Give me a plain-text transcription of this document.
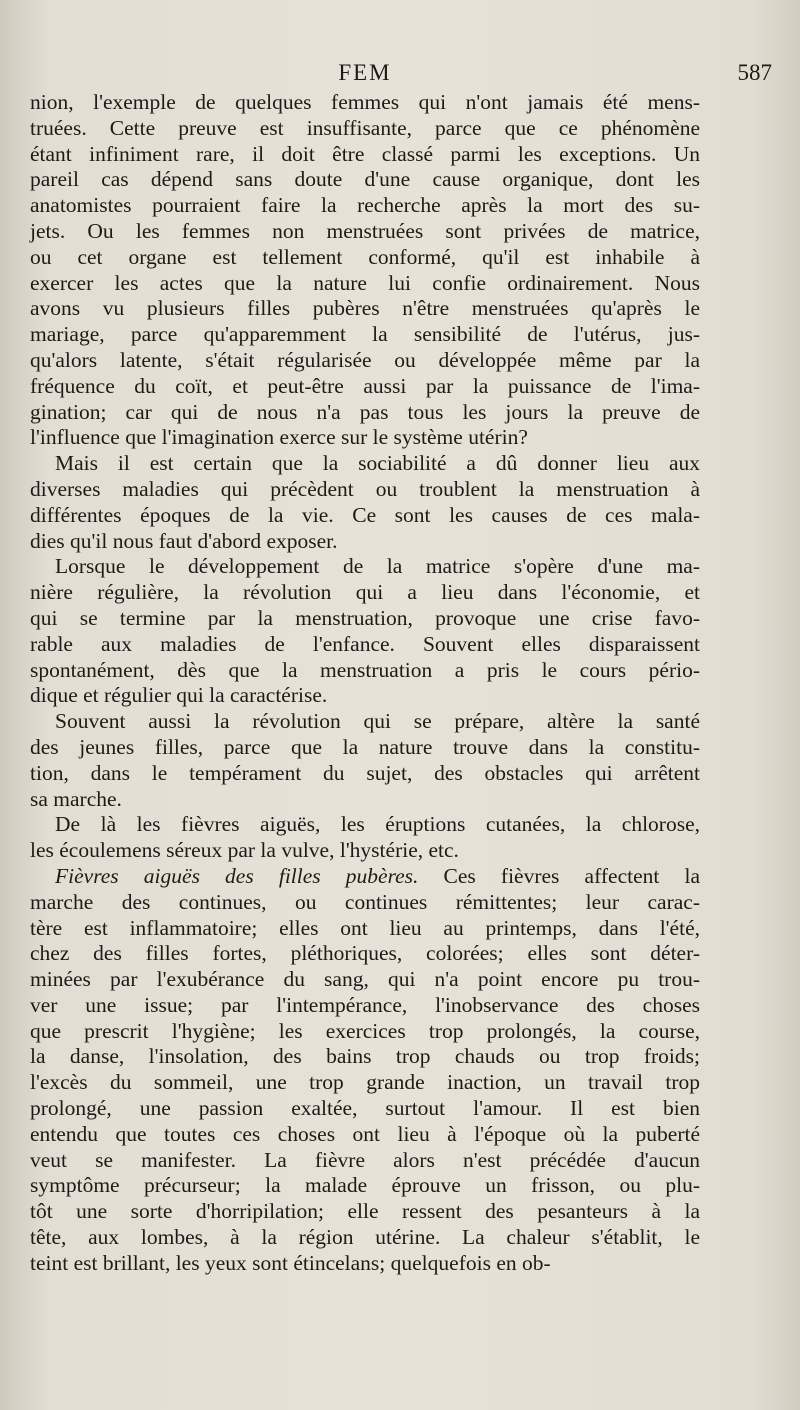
FEM	587
nion, l'exemple de quelques femmes qui n'ont jamais été mens-
truées. Cette preuve est insuffisante, parce que ce phénomène
étant infiniment rare, il doit être classé parmi les exceptions. Un
pareil cas dépend sans doute d'une cause organique, dont les
anatomistes pourraient faire la recherche après la mort des su-
jets. Ou les femmes non menstruées sont privées de matrice,
ou cet organe est tellement conformé, qu'il est inhabile à
exercer les actes que la nature lui confie ordinairement. Nous
avons vu plusieurs filles pubères n'être menstruées qu'après le
mariage, parce qu'apparemment la sensibilité de l'utérus, jus-
qu'alors latente, s'était régularisée ou développée même par la
fréquence du coït, et peut-être aussi par la puissance de l'ima-
gination; car qui de nous n'a pas tous les jours la preuve de
l'influence que l'imagination exerce sur le système utérin?
Mais il est certain que la sociabilité a dû donner lieu aux
diverses maladies qui précèdent ou troublent la menstruation à
différentes époques de la vie. Ce sont les causes de ces mala-
dies qu'il nous faut d'abord exposer.
Lorsque le développement de la matrice s'opère d'une ma-
nière régulière, la révolution qui a lieu dans l'économie, et
qui se termine par la menstruation, provoque une crise favo-
rable aux maladies de l'enfance. Souvent elles disparaissent
spontanément, dès que la menstruation a pris le cours pério-
dique et régulier qui la caractérise.
Souvent aussi la révolution qui se prépare, altère la santé
des jeunes filles, parce que la nature trouve dans la constitu-
tion, dans le tempérament du sujet, des obstacles qui arrêtent
sa marche.
De là les fièvres aiguës, les éruptions cutanées, la chlorose,
les écoulemens séreux par la vulve, l'hystérie, etc.
Fièvres aiguës des filles pubères. Ces fièvres affectent la
marche des continues, ou continues rémittentes; leur carac-
tère est inflammatoire; elles ont lieu au printemps, dans l'été,
chez des filles fortes, pléthoriques, colorées; elles sont déter-
minées par l'exubérance du sang, qui n'a point encore pu trou-
ver une issue; par l'intempérance, l'inobservance des choses
que prescrit l'hygiène; les exercices trop prolongés, la course,
la danse, l'insolation, des bains trop chauds ou trop froids;
l'excès du sommeil, une trop grande inaction, un travail trop
prolongé, une passion exaltée, surtout l'amour. Il est bien
entendu que toutes ces choses ont lieu à l'époque où la puberté
veut se manifester. La fièvre alors n'est précédée d'aucun
symptôme précurseur; la malade éprouve un frisson, ou plu-
tôt une sorte d'horripilation; elle ressent des pesanteurs à la
tête, aux lombes, à la région utérine. La chaleur s'établit, le
teint est brillant, les yeux sont étincelans; quelquefois en ob-
